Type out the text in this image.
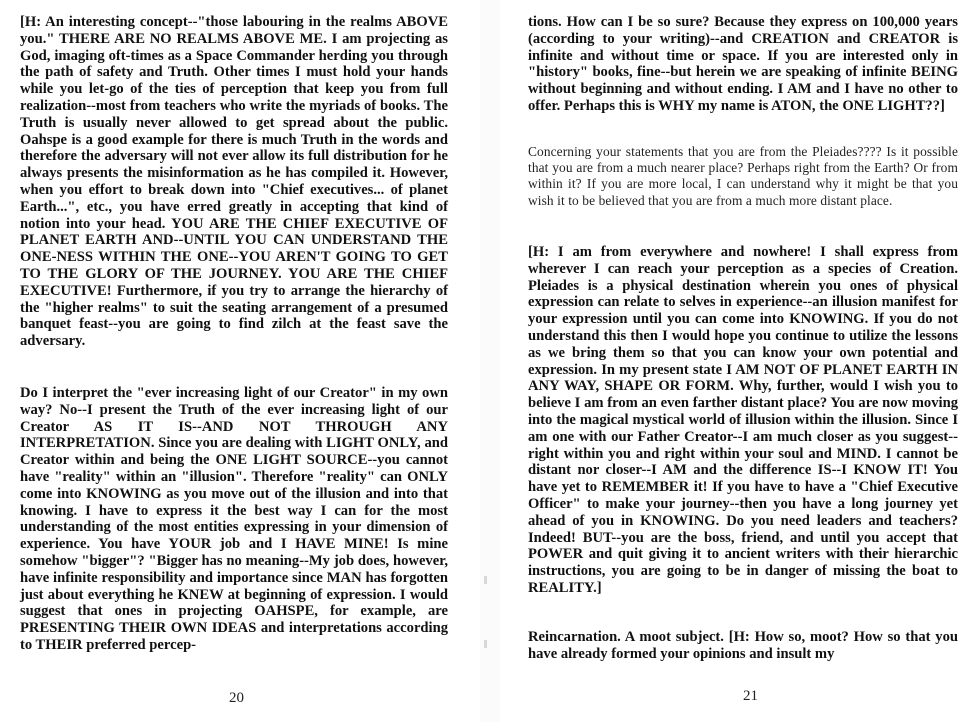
[H: An interesting concept--"those labouring in the realms ABOVE you." THERE ARE NO REALMS ABOVE ME. I am projecting as God, imaging oft-times as a Space Commander herding you through the path of safety and Truth. Other times I must hold your hands while you let-go of the ties of perception that keep you from full realization--most from teachers who write the myriads of books. The Truth is usually never allowed to get spread about the public. Oahspe is a good example for there is much Truth in the words and therefore the adversary will not ever allow its full distribution for he always presents the misinformation as he has compiled it. However, when you effort to break down into "Chief executives... of planet Earth...", etc., you have erred greatly in accepting that kind of notion into your head. YOU ARE THE CHIEF EXECUTIVE OF PLANET EARTH AND--UNTIL YOU CAN UNDERSTAND THE ONE-NESS WITHIN THE ONE--YOU AREN'T GOING TO GET TO THE GLORY OF THE JOURNEY. YOU ARE THE CHIEF EXECUTIVE! Furthermore, if you try to arrange the hierarchy of the "higher realms" to suit the seating arrangement of a presumed banquet feast--you are going to find zilch at the feast save the adversary.

Do I interpret the "ever increasing light of our Creator" in my own way? No--I present the Truth of the ever increasing light of our Creator AS IT IS--AND NOT THROUGH ANY INTERPRETATION. Since you are dealing with LIGHT ONLY, and Creator within and being the ONE LIGHT SOURCE--you cannot have "reality" within an "illusion". Therefore "reality" can ONLY come into KNOWING as you move out of the illusion and into that knowing. I have to express it the best way I can for the most understanding of the most entities expressing in your dimension of experience. You have YOUR job and I HAVE MINE! Is mine somehow "bigger"? "Bigger has no meaning--My job does, however, have infinite responsibility and importance since MAN has forgotten just about everything he KNEW at beginning of expression. I would suggest that ones in projecting OAHSPE, for example, are PRESENTING THEIR OWN IDEAS and interpretations according to THEIR preferred percep-

20

tions. How can I be so sure? Because they express on 100,000 years (according to your writing)--and CREATION and CREATOR is infinite and without time or space. If you are interested only in "history" books, fine--but herein we are speaking of infinite BEING without beginning and without ending. I AM and I have no other to offer. Perhaps this is WHY my name is ATON, the ONE LIGHT??]

Concerning your statements that you are from the Pleiades???? Is it possible that you are from a much nearer place? Perhaps right from the Earth? Or from within it? If you are more local, I can understand why it might be that you wish it to be believed that you are from a much more distant place.

[H: I am from everywhere and nowhere! I shall express from wherever I can reach your perception as a species of Creation. Pleiades is a physical destination wherein you ones of physical expression can relate to selves in experience--an illusion manifest for your expression until you can come into KNOWING. If you do not understand this then I would hope you continue to utilize the lessons as we bring them so that you can know your own potential and expression. In my present state I AM NOT OF PLANET EARTH IN ANY WAY, SHAPE OR FORM. Why, further, would I wish you to believe I am from an even farther distant place? You are now moving into the magical mystical world of illusion within the illusion. Since I am one with our Father Creator--I am much closer as you suggest--right within you and right within your soul and MIND. I cannot be distant nor closer--I AM and the difference IS--I KNOW IT! You have yet to REMEMBER it! If you have to have a "Chief Executive Officer" to make your journey--then you have a long journey yet ahead of you in KNOWING. Do you need leaders and teachers? Indeed! BUT--you are the boss, friend, and until you accept that POWER and quit giving it to ancient writers with their hierarchic instructions, you are going to be in danger of missing the boat to REALITY.]

Reincarnation. A moot subject. [H: How so, moot? How so that you have already formed your opinions and insult my

21
